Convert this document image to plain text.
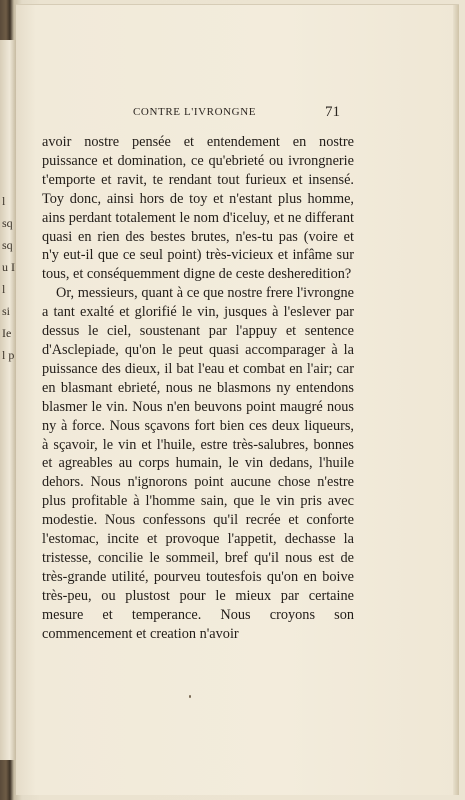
l sq sq u I l si Ie l p
CONTRE L'IVRONGNE	71

avoir nostre pensée et entendement en nostre puissance et domination, ce qu'ebrieté ou ivrongnerie t'emporte et ravit, te rendant tout furieux et insensé. Toy donc, ainsi hors de toy et n'estant plus homme, ains perdant totalement le nom d'iceluy, et ne differant quasi en rien des bestes brutes, n'es-tu pas (voire et n'y eut-il que ce seul point) très-vicieux et infâme sur tous, et conséquemment digne de ceste desheredition?

Or, messieurs, quant à ce que nostre frere l'ivrongne a tant exalté et glorifié le vin, jusques à l'eslever par dessus le ciel, soustenant par l'appuy et sentence d'Asclepiade, qu'on le peut quasi accomparager à la puissance des dieux, il bat l'eau et combat en l'air; car en blasmant ebrieté, nous ne blasmons ny entendons blasmer le vin. Nous n'en beuvons point maugré nous ny à force. Nous sçavons fort bien ces deux liqueurs, à sçavoir, le vin et l'huile, estre très-salubres, bonnes et agreables au corps humain, le vin dedans, l'huile dehors. Nous n'ignorons point aucune chose n'estre plus profitable à l'homme sain, que le vin pris avec modestie. Nous confessons qu'il recrée et conforte l'estomac, incite et provoque l'appetit, dechasse la tristesse, concilie le sommeil, bref qu'il nous est de très-grande utilité, pourveu toutesfois qu'on en boive très-peu, ou plustost pour le mieux par certaine mesure et temperance. Nous croyons son commencement et creation n'avoir
